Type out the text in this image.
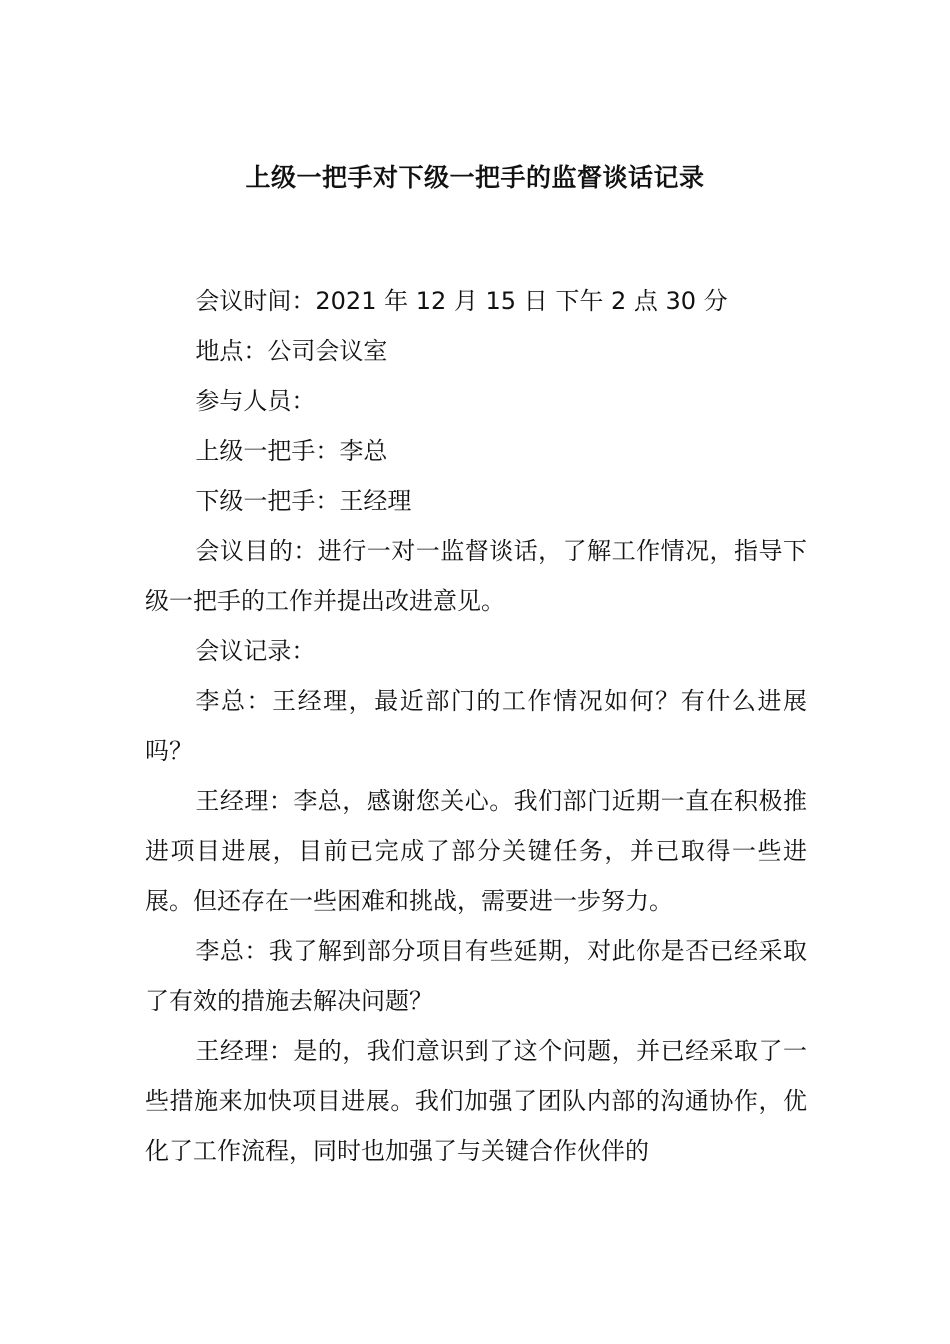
上级一把手对下级一把手的监督谈话记录

会议时间：2021 年 12 月 15 日 下午 2 点 30 分

地点：公司会议室

参与人员：

上级一把手：李总

下级一把手：王经理

会议目的：进行一对一监督谈话，了解工作情况，指导下级一把手的工作并提出改进意见。

会议记录：

李总：王经理，最近部门的工作情况如何？有什么进展吗？

王经理：李总，感谢您关心。我们部门近期一直在积极推进项目进展，目前已完成了部分关键任务，并已取得一些进展。但还存在一些困难和挑战，需要进一步努力。

李总：我了解到部分项目有些延期，对此你是否已经采取了有效的措施去解决问题？

王经理：是的，我们意识到了这个问题，并已经采取了一些措施来加快项目进展。我们加强了团队内部的沟通协作，优化了工作流程，同时也加强了与关键合作伙伴的
